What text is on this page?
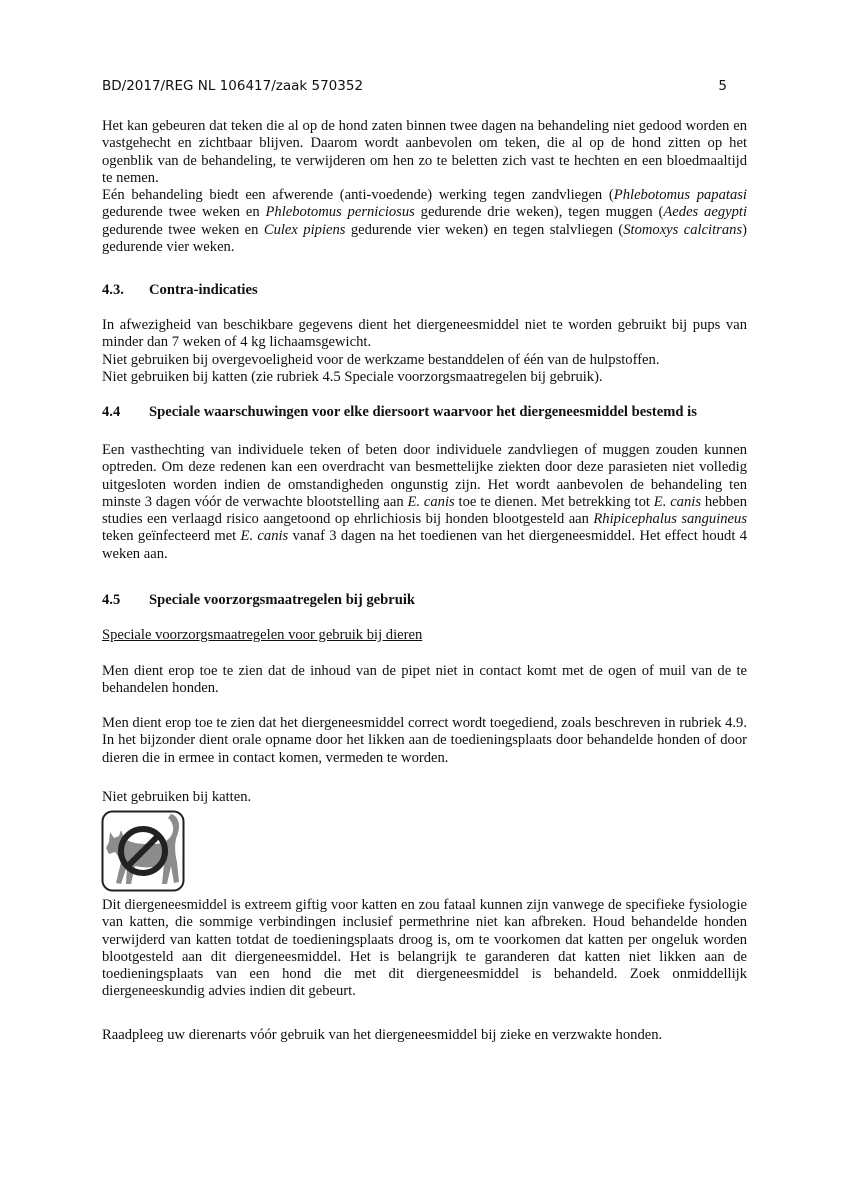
BD/2017/REG NL 106417/zaak 570352	5

Het kan gebeuren dat teken die al op de hond zaten binnen twee dagen na behandeling niet gedood worden en vastgehecht en zichtbaar blijven. Daarom wordt aanbevolen om teken, die al op de hond zitten op het ogenblik van de behandeling, te verwijderen om hen zo te beletten zich vast te hechten en een bloedmaaltijd te nemen.

Eén behandeling biedt een afwerende (anti-voedende) werking tegen zandvliegen (Phlebotomus papatasi gedurende twee weken en Phlebotomus perniciosus gedurende drie weken), tegen muggen (Aedes aegypti gedurende twee weken en Culex pipiens gedurende vier weken) en tegen stalvliegen (Stomoxys calcitrans) gedurende vier weken.

4.3. Contra-indicaties

In afwezigheid van beschikbare gegevens dient het diergeneesmiddel niet te worden gebruikt bij pups van minder dan 7 weken of 4 kg lichaamsgewicht.

Niet gebruiken bij overgevoeligheid voor de werkzame bestanddelen of één van de hulpstoffen.

Niet gebruiken bij katten (zie rubriek 4.5 Speciale voorzorgsmaatregelen bij gebruik).

4.4 Speciale waarschuwingen voor elke diersoort waarvoor het diergeneesmiddel bestemd is

Een vasthechting van individuele teken of beten door individuele zandvliegen of muggen zouden kunnen optreden. Om deze redenen kan een overdracht van besmettelijke ziekten door deze parasieten niet volledig uitgesloten worden indien de omstandigheden ongunstig zijn. Het wordt aanbevolen de behandeling ten minste 3 dagen vóór de verwachte blootstelling aan E. canis toe te dienen. Met betrekking tot E. canis hebben studies een verlaagd risico aangetoond op ehrlichiosis bij honden blootgesteld aan Rhipicephalus sanguineus teken geïnfecteerd met E. canis vanaf 3 dagen na het toedienen van het diergeneesmiddel. Het effect houdt 4 weken aan.

4.5 Speciale voorzorgsmaatregelen bij gebruik
Speciale voorzorgsmaatregelen voor gebruik bij dieren

Men dient erop toe te zien dat de inhoud van de pipet niet in contact komt met de ogen of muil van de te behandelen honden.

Men dient erop toe te zien dat het diergeneesmiddel correct wordt toegediend, zoals beschreven in rubriek 4.9. In het bijzonder dient orale opname door het likken aan de toedieningsplaats door behandelde honden of door dieren die in ermee in contact komen, vermeden te worden.

Niet gebruiken bij katten.

Dit diergeneesmiddel is extreem giftig voor katten en zou fataal kunnen zijn vanwege de specifieke fysiologie van katten, die sommige verbindingen inclusief permethrine niet kan afbreken. Houd behandelde honden verwijderd van katten totdat de toedieningsplaats droog is, om te voorkomen dat katten per ongeluk worden blootgesteld aan dit diergeneesmiddel. Het is belangrijk te garanderen dat katten niet likken aan de toedieningsplaats van een hond die met dit diergeneesmiddel is behandeld. Zoek onmiddellijk diergeneeskundig advies indien dit gebeurt.

Raadpleeg uw dierenarts vóór gebruik van het diergeneesmiddel bij zieke en verzwakte honden.
